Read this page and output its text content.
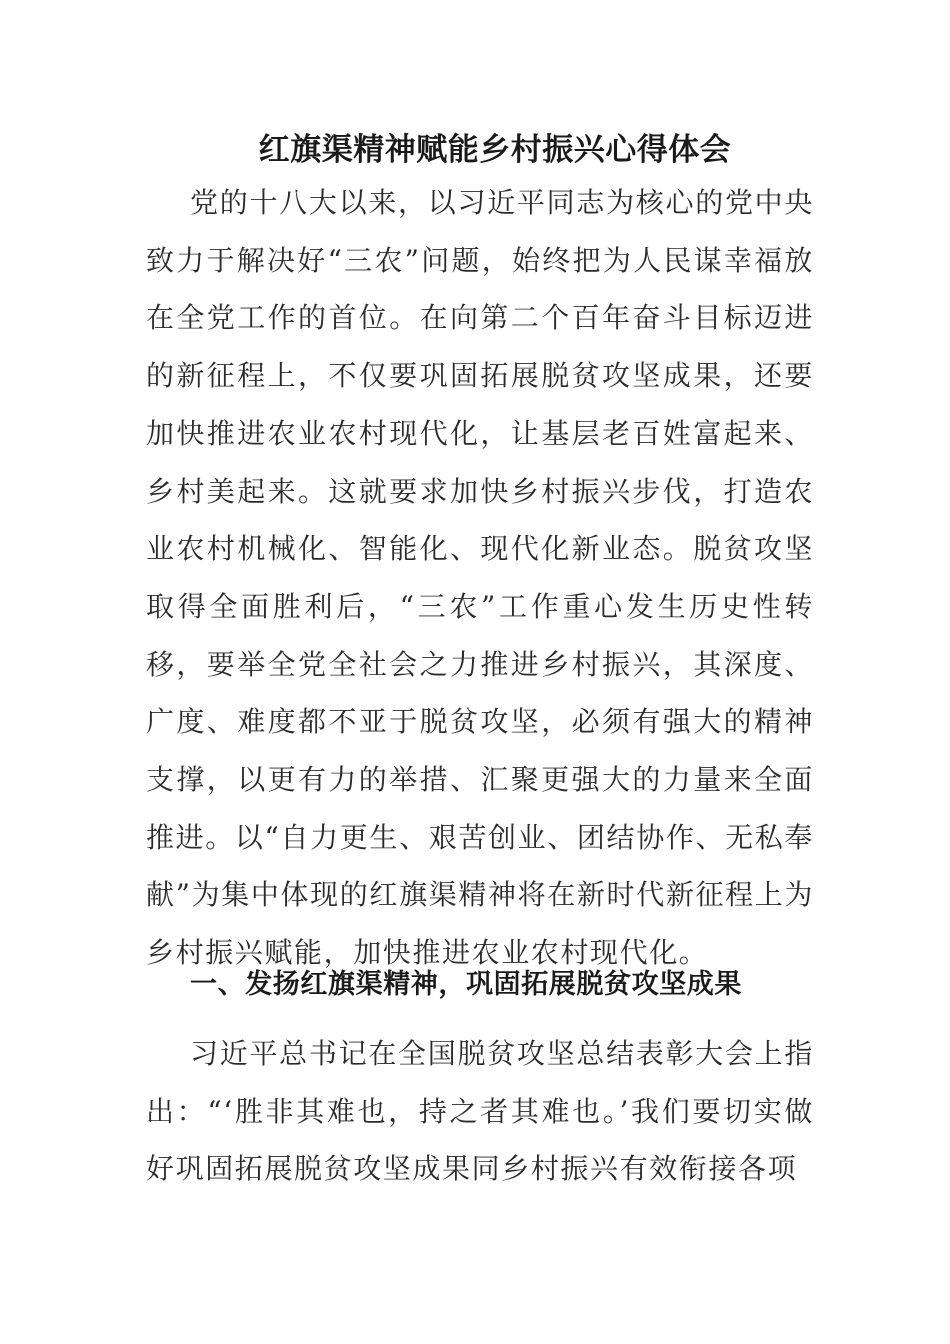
红旗渠精神赋能乡村振兴心得体会

党的十八大以来，以习近平同志为核心的党中央致力于解决好“三农”问题，始终把为人民谋幸福放在全党工作的首位。在向第二个百年奋斗目标迈进的新征程上，不仅要巩固拓展脱贫攻坚成果，还要加快推进农业农村现代化，让基层老百姓富起来、乡村美起来。这就要求加快乡村振兴步伐，打造农业农村机械化、智能化、现代化新业态。脱贫攻坚取得全面胜利后，“三农”工作重心发生历史性转移，要举全党全社会之力推进乡村振兴，其深度、广度、难度都不亚于脱贫攻坚，必须有强大的精神支撑，以更有力的举措、汇聚更强大的力量来全面推进。以“自力更生、艰苦创业、团结协作、无私奉献”为集中体现的红旗渠精神将在新时代新征程上为乡村振兴赋能，加快推进农业农村现代化。

一、发扬红旗渠精神，巩固拓展脱贫攻坚成果

习近平总书记在全国脱贫攻坚总结表彰大会上指出：“‘胜非其难也，持之者其难也。’我们要切实做好巩固拓展脱贫攻坚成果同乡村振兴有效衔接各项
